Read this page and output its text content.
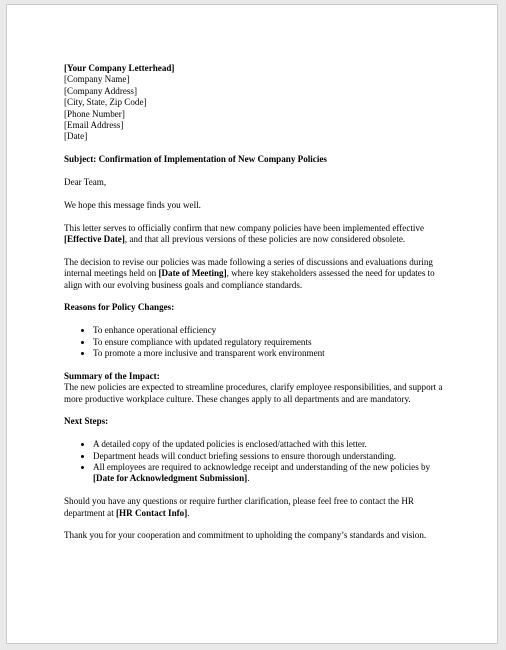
[Your Company Letterhead]

[Company Name]

[Company Address]

[City, State, Zip Code]

[Phone Number]

[Email Address]

[Date]

Subject: Confirmation of Implementation of New Company Policies

Dear Team,

We hope this message finds you well.

This letter serves to officially confirm that new company policies have been implemented effective [Effective Date], and that all previous versions of these policies are now considered obsolete.

The decision to revise our policies was made following a series of discussions and evaluations during internal meetings held on [Date of Meeting], where key stakeholders assessed the need for updates to align with our evolving business goals and compliance standards.

Reasons for Policy Changes:

• To enhance operational efficiency
• To ensure compliance with updated regulatory requirements
• To promote a more inclusive and transparent work environment

Summary of the Impact:

The new policies are expected to streamline procedures, clarify employee responsibilities, and support a more productive workplace culture. These changes apply to all departments and are mandatory.

Next Steps:

• A detailed copy of the updated policies is enclosed/attached with this letter.
• Department heads will conduct briefing sessions to ensure thorough understanding.
• All employees are required to acknowledge receipt and understanding of the new policies by [Date for Acknowledgment Submission].

Should you have any questions or require further clarification, please feel free to contact the HR department at [HR Contact Info].

Thank you for your cooperation and commitment to upholding the company’s standards and vision.
